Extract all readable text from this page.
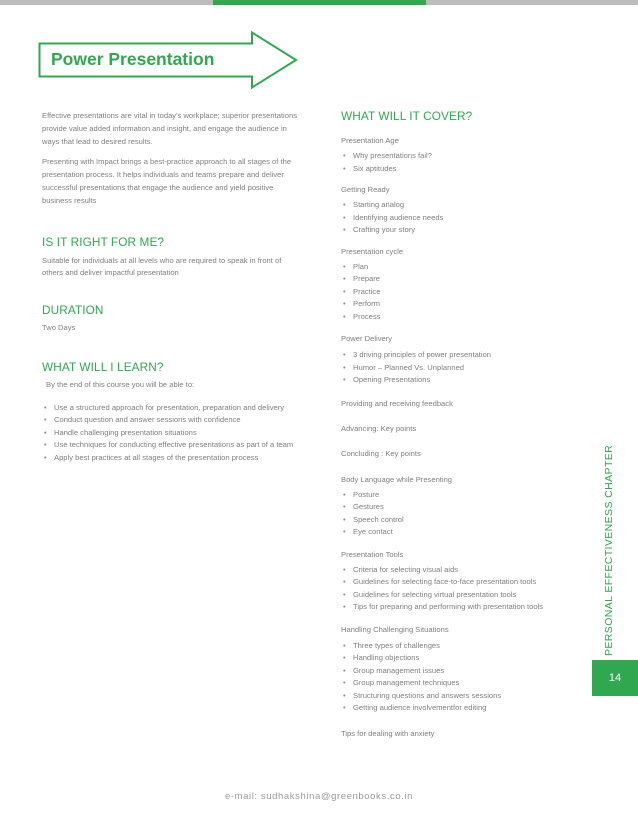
Power Presentation

Effective presentations are vital in today's workplace; superior presentations provide value added information and insight, and engage the audience in ways that lead to desired results.

Presenting with Impact brings a best-practice approach to all stages of the presentation process. It helps individuals and teams prepare and deliver successful presentations that engage the audience and yield positive business results

IS IT RIGHT FOR ME?

Suitable for individuals at all levels who are required to speak in front of others and deliver impactful presentation

DURATION

Two Days

WHAT WILL I LEARN?

By the end of this course you will be able to:

• Use a structured approach for presentation, preparation and delivery
• Conduct question and answer sessions with confidence
• Handle challenging presentation situations
• Use techniques for conducting effective presentations as part of a team
• Apply best practices at all stages of the presentation process

WHAT WILL IT COVER?

Presentation Age

• Why presentations fail?
• Six aptitudes

Getting Ready

• Starting analog
• Identifying audience needs
• Crafting your story

Presentation cycle

• Plan
• Prepare
• Practice
• Perform
• Process

Power Delivery

• 3 driving principles of power presentation
• Humor – Planned Vs. Unplanned
• Opening Presentations

Providing and receiving feedback

Advancing: Key points

Concluding : Key points

Body Language while Presenting

• Posture
• Gestures
• Speech control
• Eye contact

Presentation Tools

• Criteria for selecting visual aids
• Guidelines for selecting face-to-face presentation tools
• Guidelines for selecting virtual presentation tools
• Tips for preparing and performing with presentation tools

Handling Challenging Situations

• Three types of challenges
• Handling objections
• Group management issues
• Group management techniques
• Structuring questions and answers sessions
• Getting audience involvementfor editing

Tips for dealing with anxiety

PERSONAL EFFECTIVENESS CHAPTER
14
e-mail: sudhakshina@greenbooks.co.in
